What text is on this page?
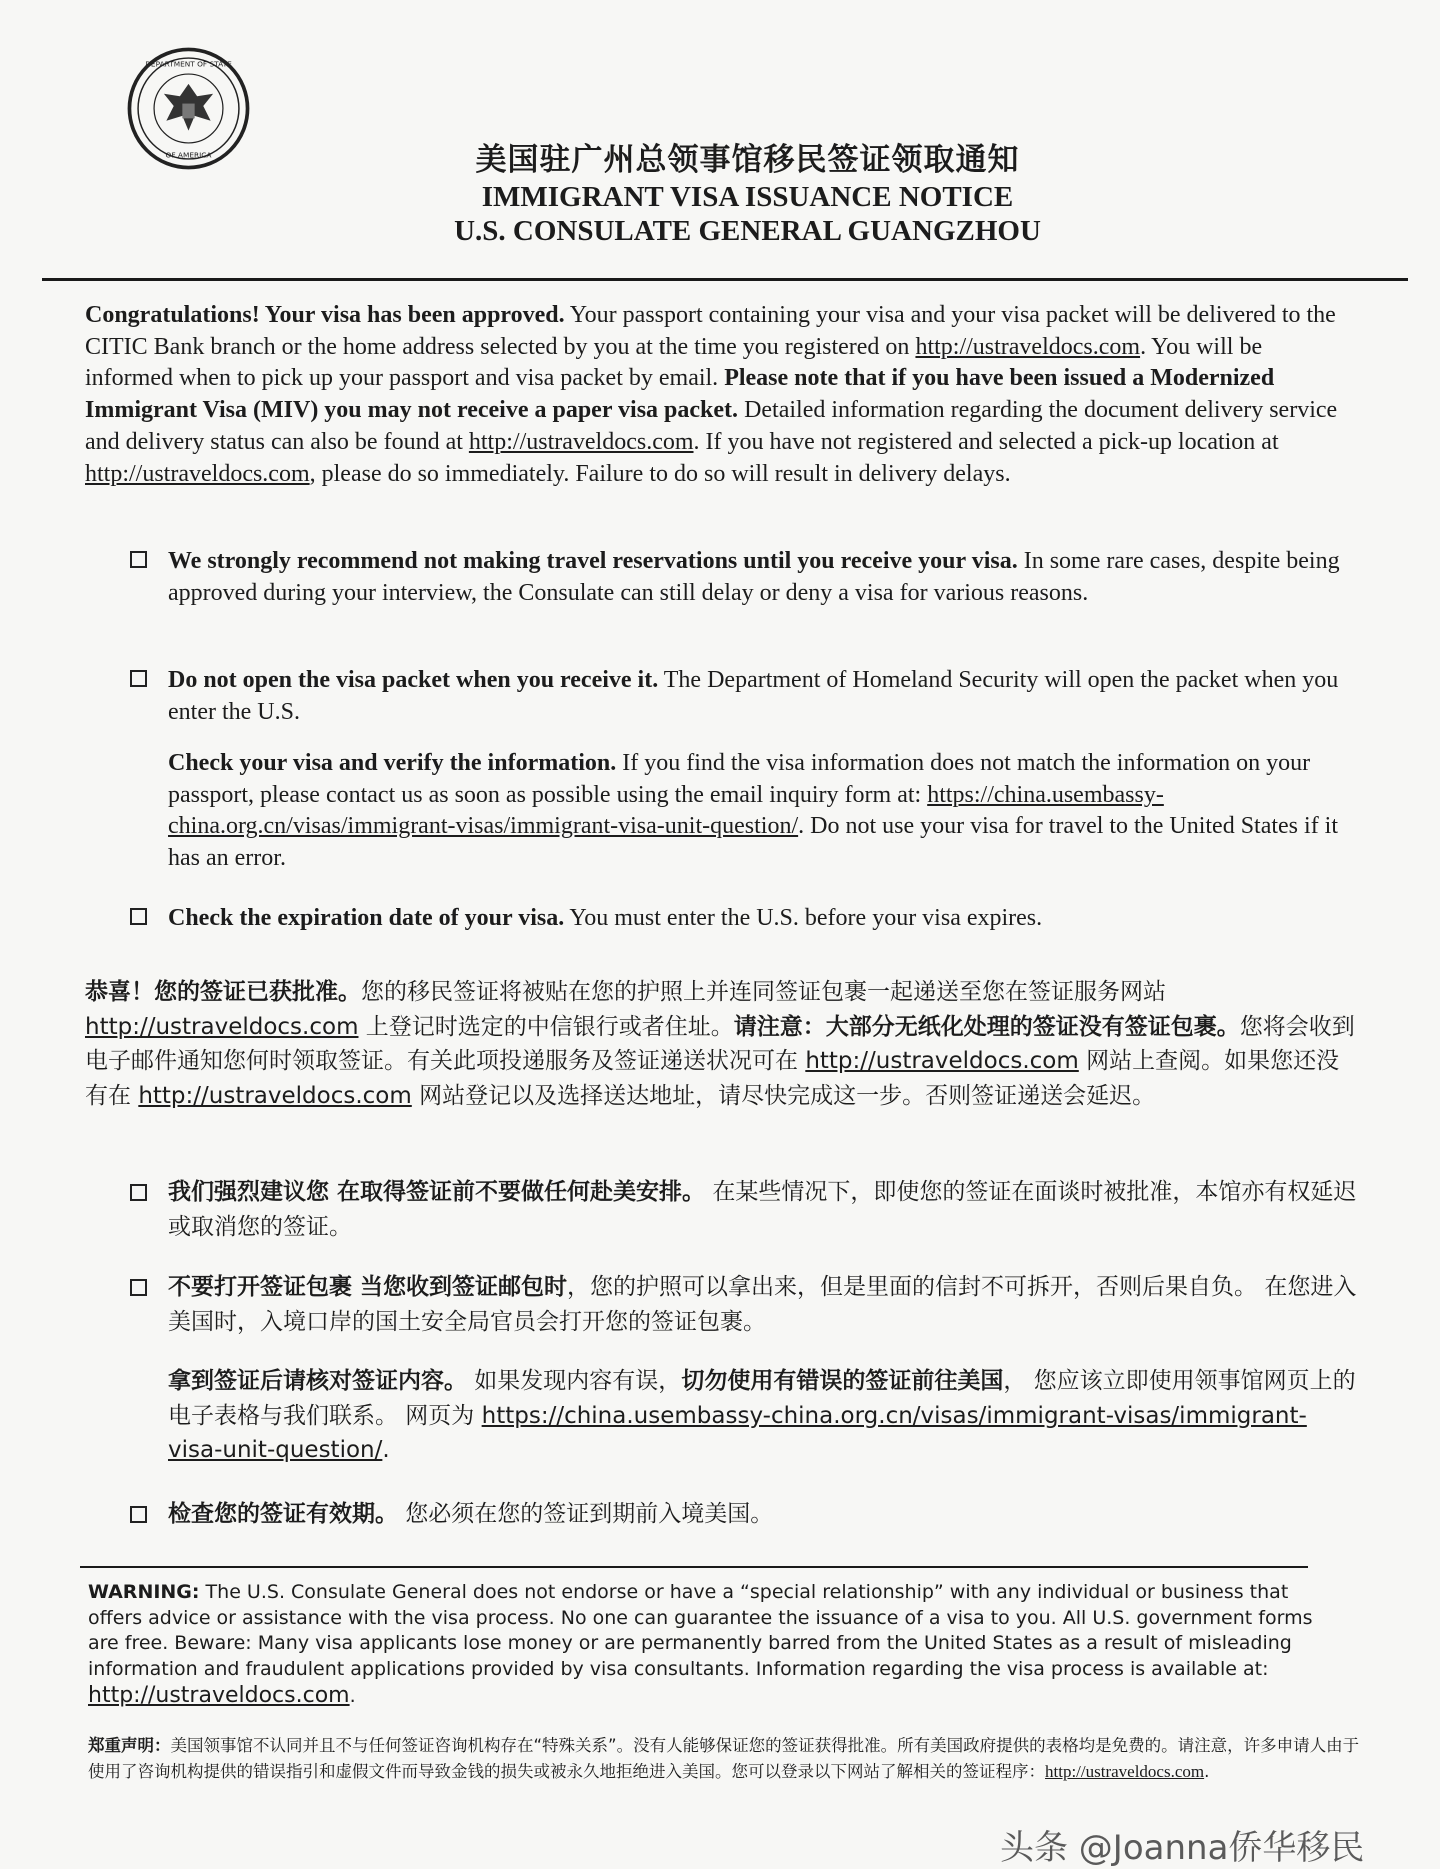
DEPARTMENT OF STATE
OF AMERICA	美国驻广州总领事馆移民签证领取通知
IMMIGRANT VISA ISSUANCE NOTICE
U.S. CONSULATE GENERAL GUANGZHOU
Congratulations! Your visa has been approved. Your passport containing your visa and your visa packet will be delivered to the CITIC Bank branch or the home address selected by you at the time you registered on http://ustraveldocs.com. You will be informed when to pick up your passport and visa packet by email. Please note that if you have been issued a Modernized Immigrant Visa (MIV) you may not receive a paper visa packet. Detailed information regarding the document delivery service and delivery status can also be found at http://ustraveldocs.com. If you have not registered and selected a pick-up location at http://ustraveldocs.com, please do so immediately. Failure to do so will result in delivery delays.
We strongly recommend not making travel reservations until you receive your visa. In some rare cases, despite being approved during your interview, the Consulate can still delay or deny a visa for various reasons.
Do not open the visa packet when you receive it. The Department of Homeland Security will open the packet when you enter the U.S.
Check your visa and verify the information. If you find the visa information does not match the information on your passport, please contact us as soon as possible using the email inquiry form at: https://china.usembassy-china.org.cn/visas/immigrant-visas/immigrant-visa-unit-question/. Do not use your visa for travel to the United States if it has an error.
Check the expiration date of your visa. You must enter the U.S. before your visa expires.
恭喜！您的签证已获批准。您的移民签证将被贴在您的护照上并连同签证包裹一起递送至您在签证服务网站 http://ustraveldocs.com 上登记时选定的中信银行或者住址。请注意：大部分无纸化处理的签证没有签证包裹。您将会收到电子邮件通知您何时领取签证。有关此项投递服务及签证递送状况可在 http://ustraveldocs.com 网站上查阅。如果您还没有在 http://ustraveldocs.com 网站登记以及选择送达地址，请尽快完成这一步。否则签证递送会延迟。
我们强烈建议您 在取得签证前不要做任何赴美安排。 在某些情况下，即使您的签证在面谈时被批准，本馆亦有权延迟或取消您的签证。
不要打开签证包裹 当您收到签证邮包时，您的护照可以拿出来，但是里面的信封不可拆开，否则后果自负。 在您进入美国时，入境口岸的国土安全局官员会打开您的签证包裹。
拿到签证后请核对签证内容。 如果发现内容有误，切勿使用有错误的签证前往美国， 您应该立即使用领事馆网页上的电子表格与我们联系。 网页为 https://china.usembassy-china.org.cn/visas/immigrant-visas/immigrant-visa-unit-question/.
检查您的签证有效期。 您必须在您的签证到期前入境美国。
WARNING: The U.S. Consulate General does not endorse or have a “special relationship” with any individual or business that offers advice or assistance with the visa process. No one can guarantee the issuance of a visa to you. All U.S. government forms are free. Beware: Many visa applicants lose money or are permanently barred from the United States as a result of misleading information and fraudulent applications provided by visa consultants. Information regarding the visa process is available at: http://ustraveldocs.com.
郑重声明：美国领事馆不认同并且不与任何签证咨询机构存在“特殊关系”。没有人能够保证您的签证获得批准。所有美国政府提供的表格均是免费的。请注意，许多申请人由于使用了咨询机构提供的错误指引和虚假文件而导致金钱的损失或被永久地拒绝进入美国。您可以登录以下网站了解相关的签证程序：http://ustraveldocs.com.
头条 @Joanna侨华移民
